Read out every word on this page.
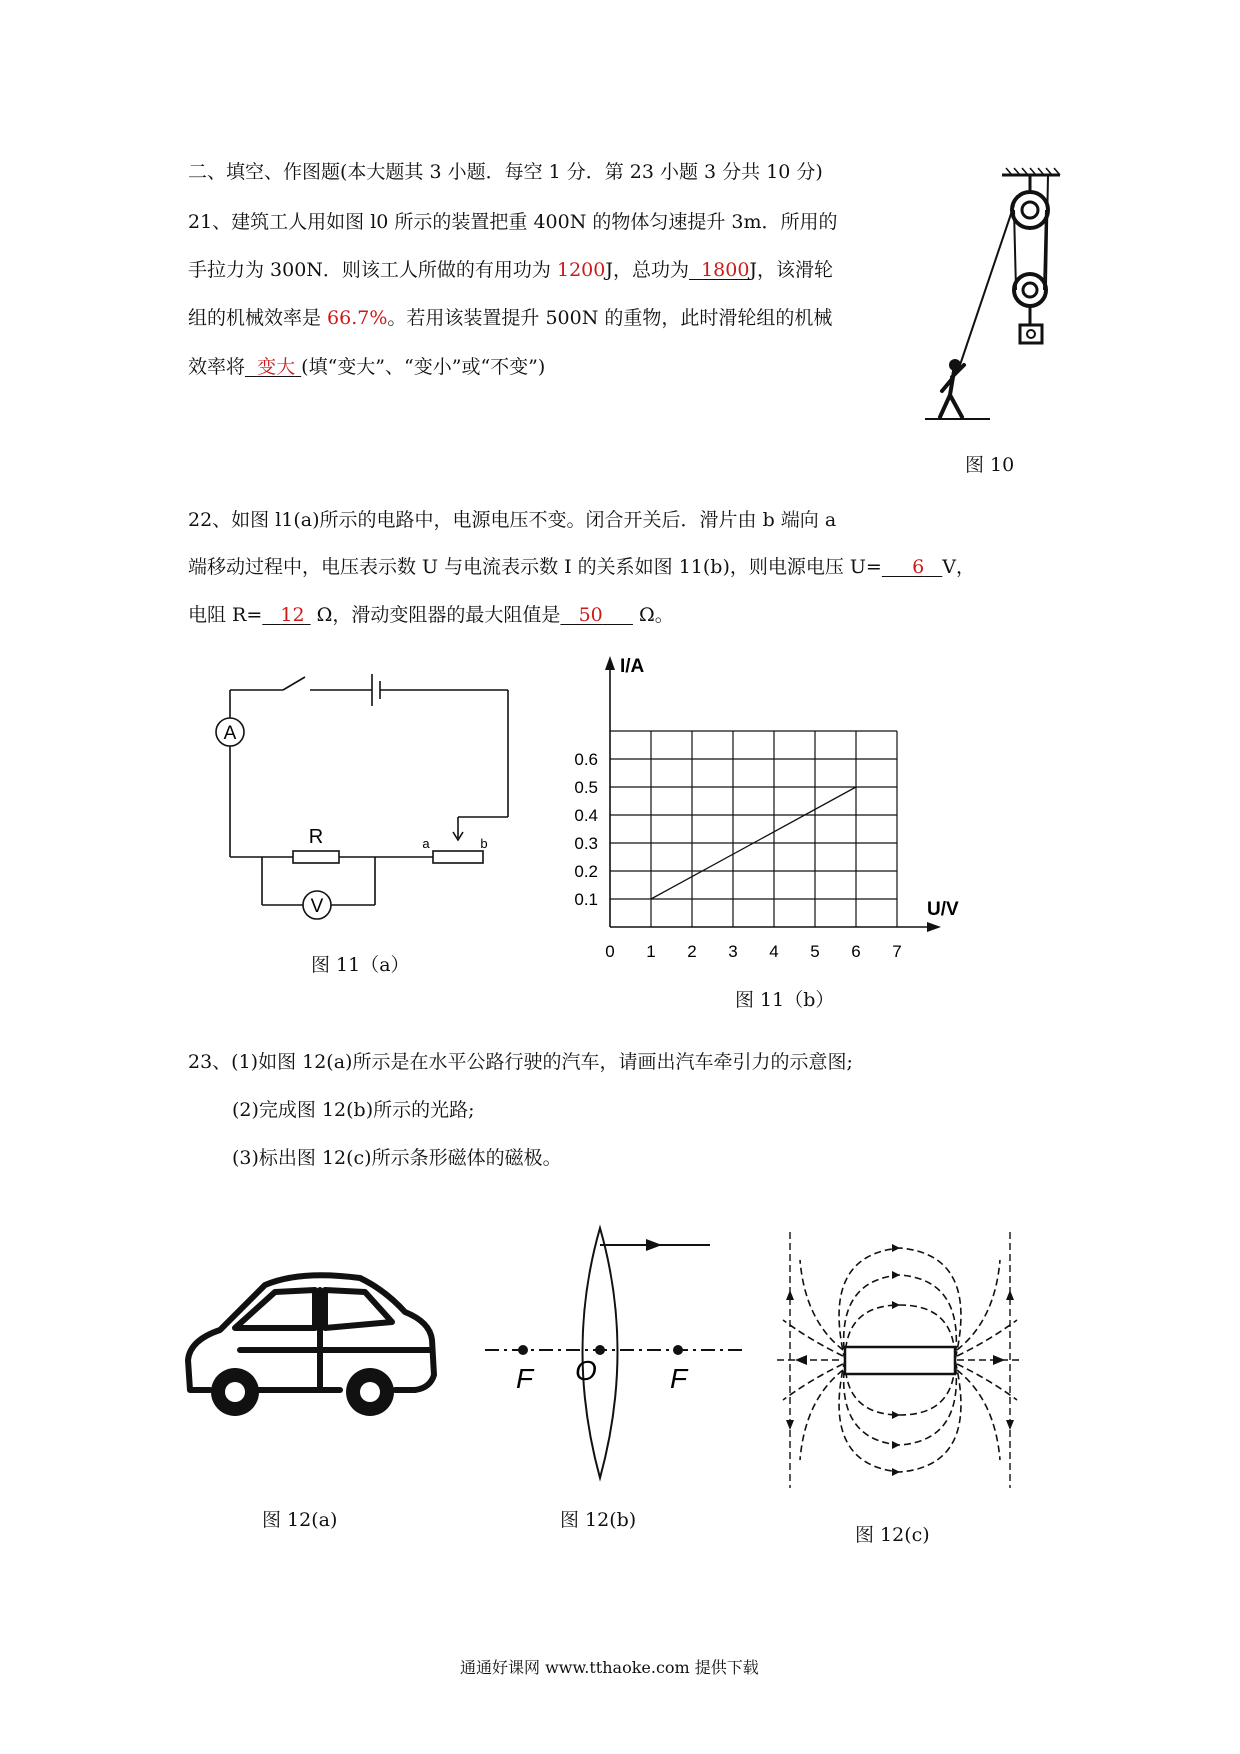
二、填空、作图题(本大题其 3 小题．每空 1 分．第 23 小题 3 分共 10 分)
21、建筑工人用如图 l0 所示的装置把重 400N 的物体匀速提升 3m．所用的
手拉力为 300N．则该工人所做的有用功为 1200J，总功为 1800J，该滑轮
组的机械效率是 66.7%。若用该装置提升 500N 的重物，此时滑轮组的机械
效率将 变大 (填“变大”、“变小”或“不变”)
图 10
22、如图 l1(a)所示的电路中，电源电压不变。闭合开关后．滑片由 b 端向 a
端移动过程中，电压表示数 U 与电流表示数 I 的关系如图 11(b)，则电源电压 U= 6 V，
电阻 R= 12 Ω，滑动变阻器的最大阻值是 50 Ω。
A
V
R	a	b
图 11（a）
0 1 2 3 4 5 6 7
0.1
0.2
0.3
0.4
0.5
0.6
I/A
U/V
图 11（b）
23、(1)如图 12(a)所示是在水平公路行驶的汽车，请画出汽车牵引力的示意图;
(2)完成图 12(b)所示的光路;
(3)标出图 12(c)所示条形磁体的磁极。
图 12(a)
F O	F
图 12(b)
图 12(c)
通通好课网 www.tthaoke.com 提供下载
